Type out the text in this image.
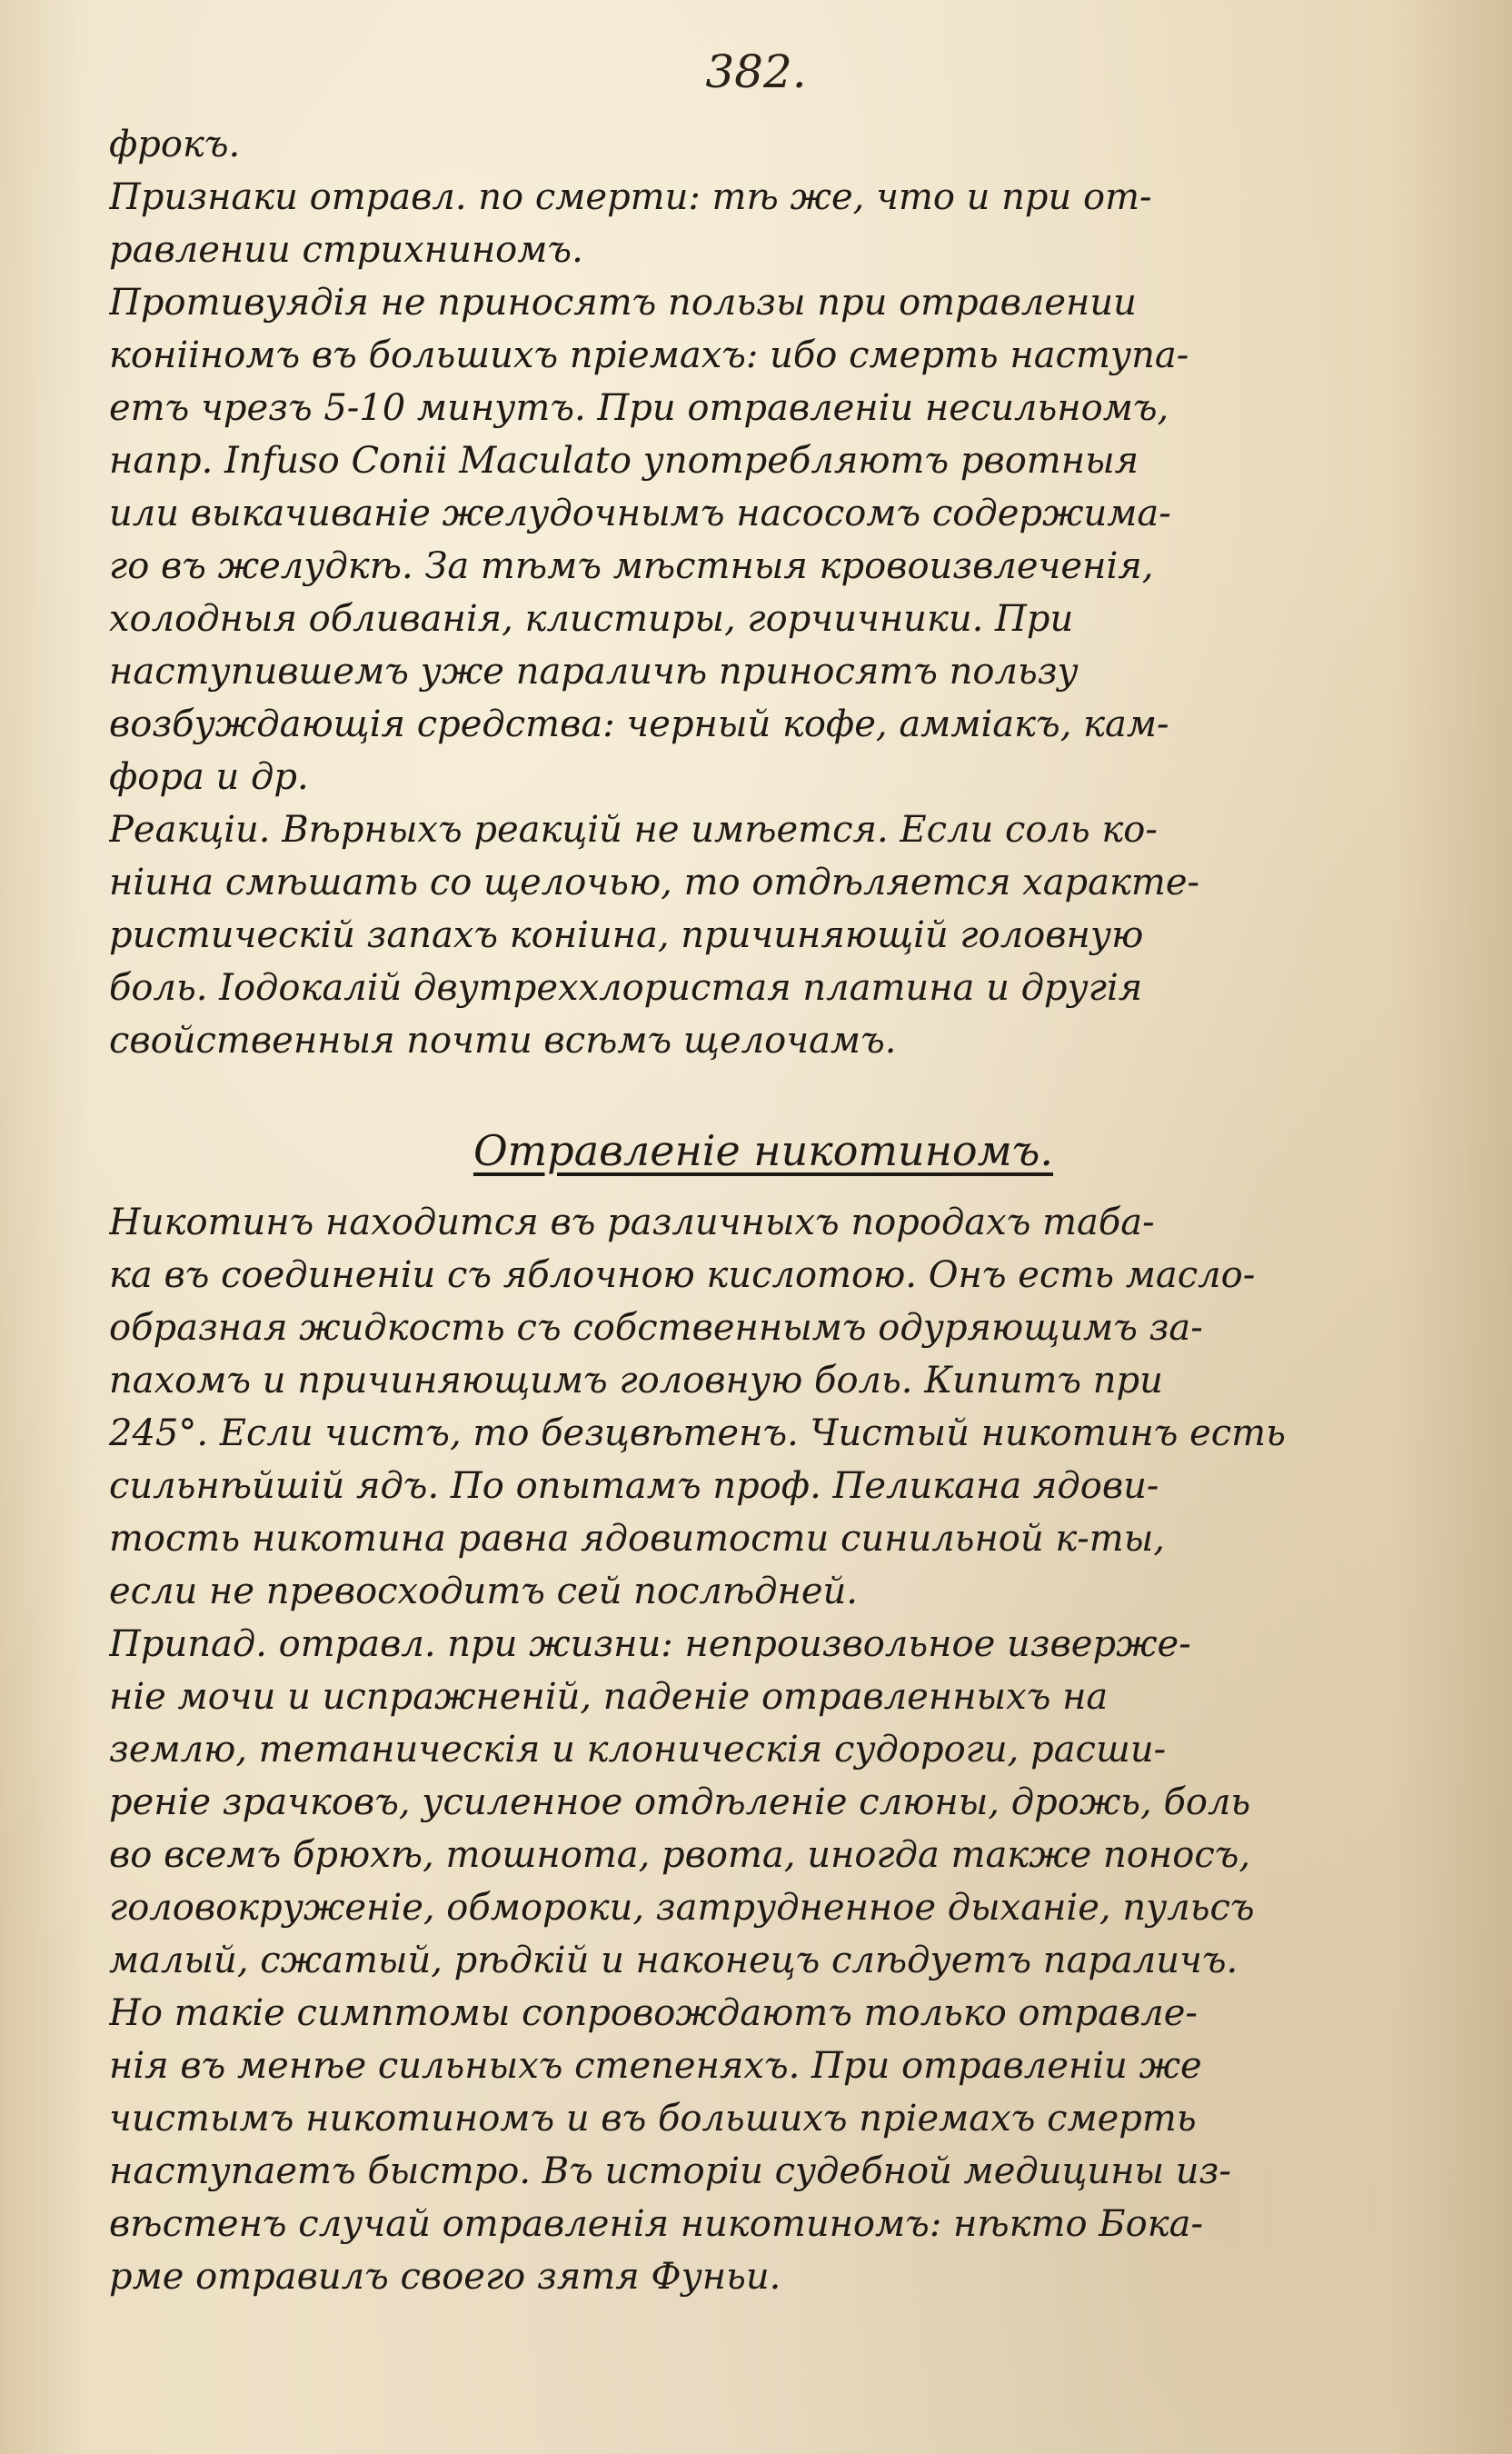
382.
фрокъ.
Признаки отравл. по смерти: тѣ же, что и при от-
равлении стрихниномъ.
Противуядія не приносятъ пользы при отравлении
конііномъ въ большихъ пріемахъ: ибо смерть наступа-
етъ чрезъ 5-10 минутъ. При отравленіи несильномъ,
напр. Infuso Conii Maculato употребляютъ рвотныя
или выкачиваніе желудочнымъ насосомъ содержима-
го въ желудкѣ. За тѣмъ мѣстныя кровоизвлеченія,
холодныя обливанія, клистиры, горчичники. При
наступившемъ уже параличѣ приносятъ пользу
возбуждающія средства: черный кофе, аммiакъ, кам-
фора и др.
Реакціи. Вѣрныхъ реакцій не имѣется. Если соль ко-
ніина смѣшать со щелочью, то отдѣляется характе-
ристическій запахъ конiина, причиняющій головную
боль. Іодокалій двутреххлористая платина и другія
свойственныя почти всѣмъ щелочамъ.
Отравленіе никотиномъ.
Никотинъ находится въ различныхъ породахъ таба-
ка въ соединеніи съ яблочною кислотою. Онъ есть масло-
образная жидкость съ собственнымъ одуряющимъ за-
пахомъ и причиняющимъ головную боль. Кипитъ при
245°. Если чистъ, то безцвѣтенъ. Чистый никотинъ есть
сильнѣйшій ядъ. По опытамъ проф. Пеликана ядови-
тость никотина равна ядовитости синильной к-ты,
если не превосходитъ сей послѣдней.
Припад. отравл. при жизни: непроизвольное изверже-
ніе мочи и испражненій, паденіе отравленныхъ на
землю, тетаническія и клоническія судороги, расши-
реніе зрачковъ, усиленное отдѣленіе слюны, дрожь, боль
во всемъ брюхѣ, тошнота, рвота, иногда также поносъ,
головокруженіе, обмороки, затрудненное дыханіе, пульсъ
малый, сжатый, рѣдкій и наконецъ слѣдуетъ параличъ.
Но такіе симптомы сопровождаютъ только отравле-
нія въ менѣе сильныхъ степеняхъ. При отравленіи же
чистымъ никотиномъ и въ большихъ пріемахъ смерть
наступаетъ быстро. Въ исторіи судебной медицины из-
вѣстенъ случай отравленія никотиномъ: нѣкто Бока-
рме отравилъ своего зятя Фуньи.
